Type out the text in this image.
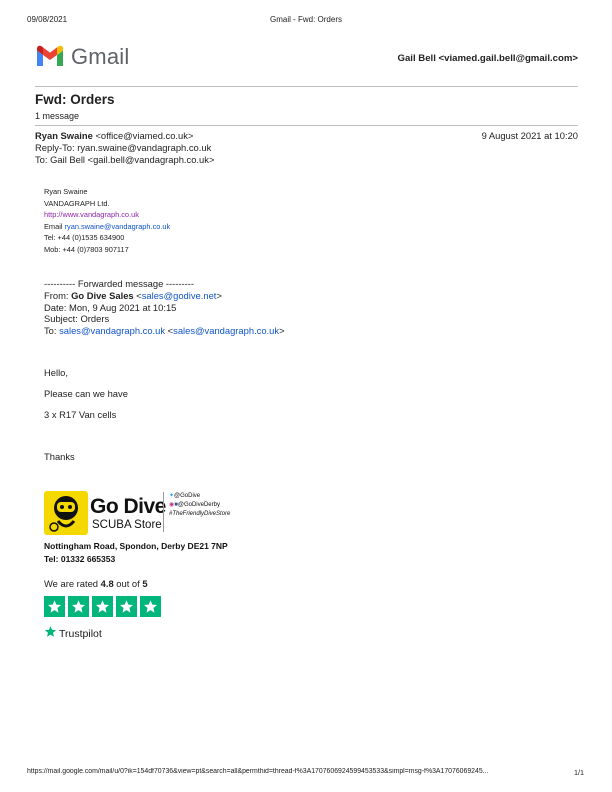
09/08/2021	Gmail - Fwd: Orders
Gmail	Gail Bell <viamed.gail.bell@gmail.com>
Fwd: Orders
1 message
Ryan Swaine <office@viamed.co.uk>	9 August 2021 at 10:20
Reply-To: ryan.swaine@vandagraph.co.uk
To: Gail Bell <gail.bell@vandagraph.co.uk>
Ryan Swaine
VANDAGRAPH Ltd.
http://www.vandagraph.co.uk
Email ryan.swaine@vandagraph.co.uk
Tel: +44 (0)1535 634900
Mob: +44 (0)7803 907117
---------- Forwarded message ---------
From: Go Dive Sales <sales@godive.net>
Date: Mon, 9 Aug 2021 at 10:15
Subject: Orders
To: sales@vandagraph.co.uk <sales@vandagraph.co.uk>
Hello,
Please can we have
3 x R17 Van cells
Thanks
Go Dive
SCUBA Store
✦@GoDive
◉■@GoDiveDerby
#TheFriendlyDiveStore
Nottingham Road, Spondon, Derby DE21 7NP
Tel: 01332 665353
We are rated 4.8 out of 5
Trustpilot
https://mail.google.com/mail/u/0?ik=154df70736&view=pt&search=all&permthid=thread-f%3A1707606924599453533&simpl=msg-f%3A17076069245...	1/1
